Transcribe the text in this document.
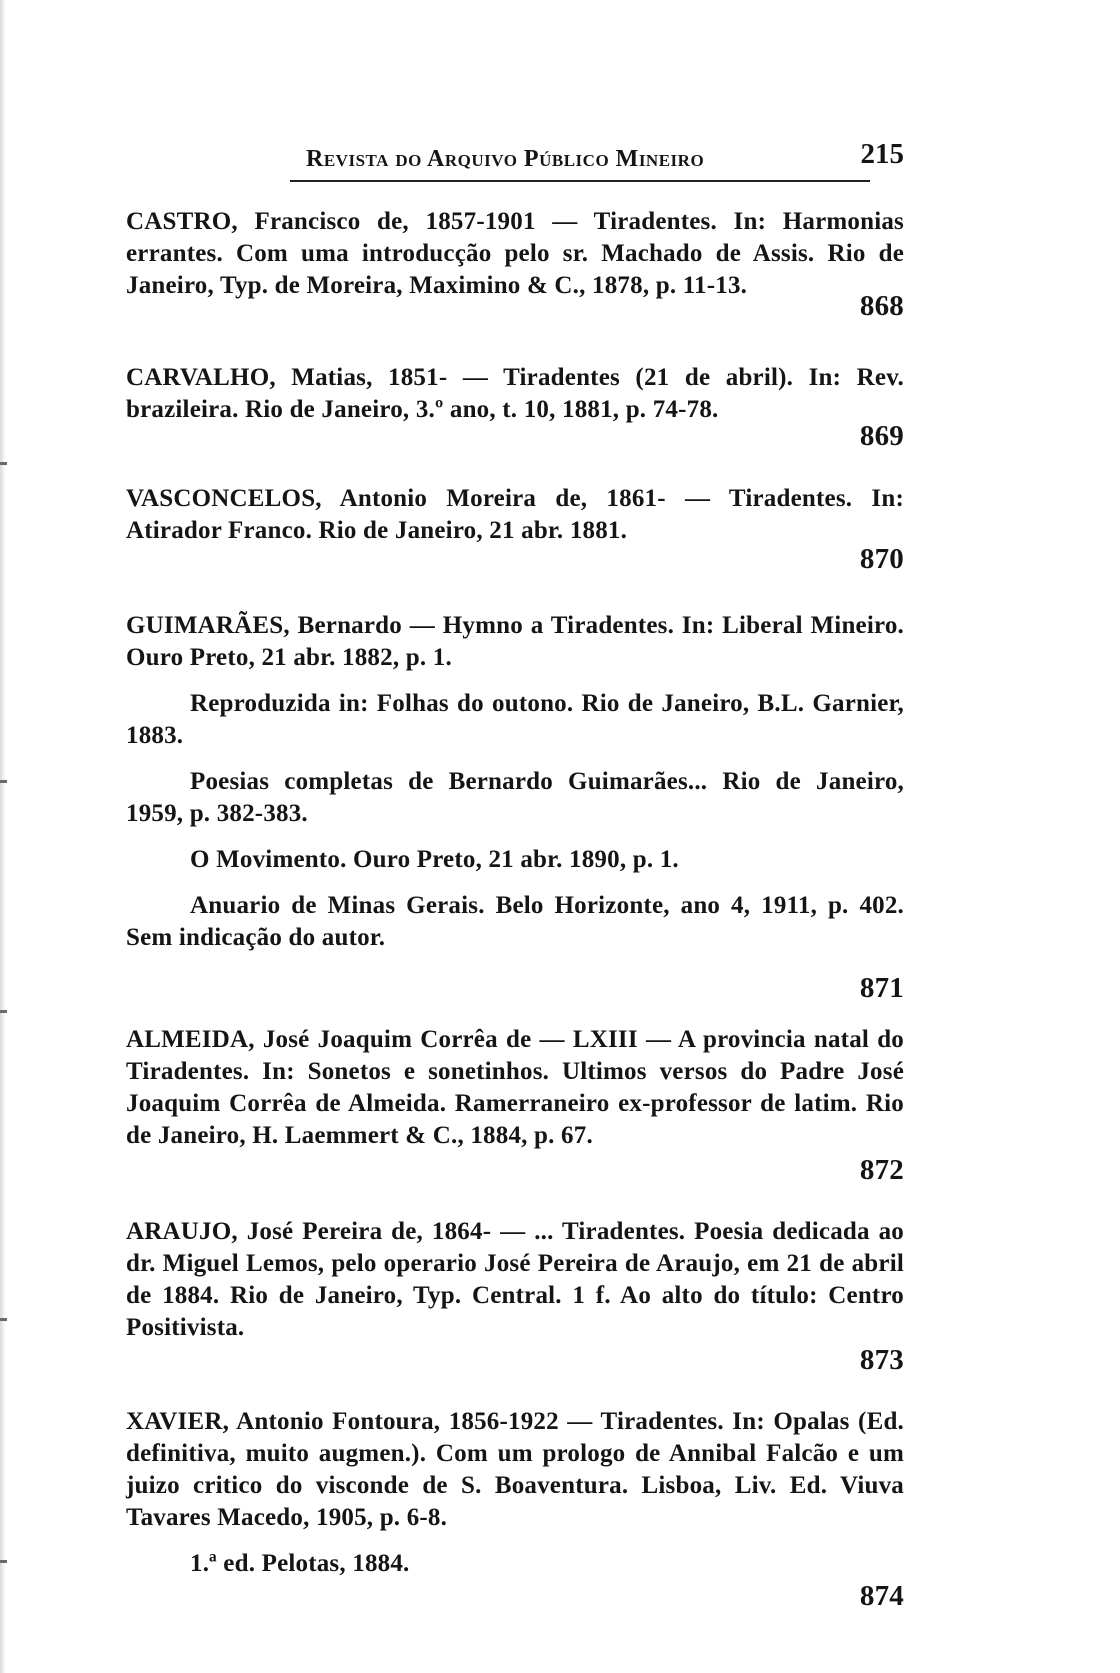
Revista do Arquivo Público Mineiro	215

CASTRO, Francisco de, 1857-1901 — Tiradentes. In: Harmonias errantes. Com uma introducção pelo sr. Machado de Assis. Rio de Janeiro, Typ. de Moreira, Maximino & C., 1878, p. 11-13.

868

CARVALHO, Matias, 1851- — Tiradentes (21 de abril). In: Rev. brazileira. Rio de Janeiro, 3.º ano, t. 10, 1881, p. 74-78.

869

VASCONCELOS, Antonio Moreira de, 1861- — Tiradentes. In: Atirador Franco. Rio de Janeiro, 21 abr. 1881.

870

GUIMARÃES, Bernardo — Hymno a Tiradentes. In: Liberal Mineiro. Ouro Preto, 21 abr. 1882, p. 1.

Reproduzida in: Folhas do outono. Rio de Janeiro, B.L. Garnier, 1883.

Poesias completas de Bernardo Guimarães... Rio de Janeiro, 1959, p. 382-383.

O Movimento. Ouro Preto, 21 abr. 1890, p. 1.

Anuario de Minas Gerais. Belo Horizonte, ano 4, 1911, p. 402. Sem indicação do autor.

871

ALMEIDA, José Joaquim Corrêa de — LXIII — A provincia natal do Tiradentes. In: Sonetos e sonetinhos. Ultimos versos do Padre José Joaquim Corrêa de Almeida. Ramerraneiro ex-professor de latim. Rio de Janeiro, H. Laemmert & C., 1884, p. 67.

872

ARAUJO, José Pereira de, 1864- — ... Tiradentes. Poesia dedicada ao dr. Miguel Lemos, pelo operario José Pereira de Araujo, em 21 de abril de 1884. Rio de Janeiro, Typ. Central. 1 f. Ao alto do título: Centro Positivista.

873

XAVIER, Antonio Fontoura, 1856-1922 — Tiradentes. In: Opalas (Ed. definitiva, muito augmen.). Com um prologo de Annibal Falcão e um juizo critico do visconde de S. Boaventura. Lisboa, Liv. Ed. Viuva Tavares Macedo, 1905, p. 6-8.

1.ª ed. Pelotas, 1884.

874
